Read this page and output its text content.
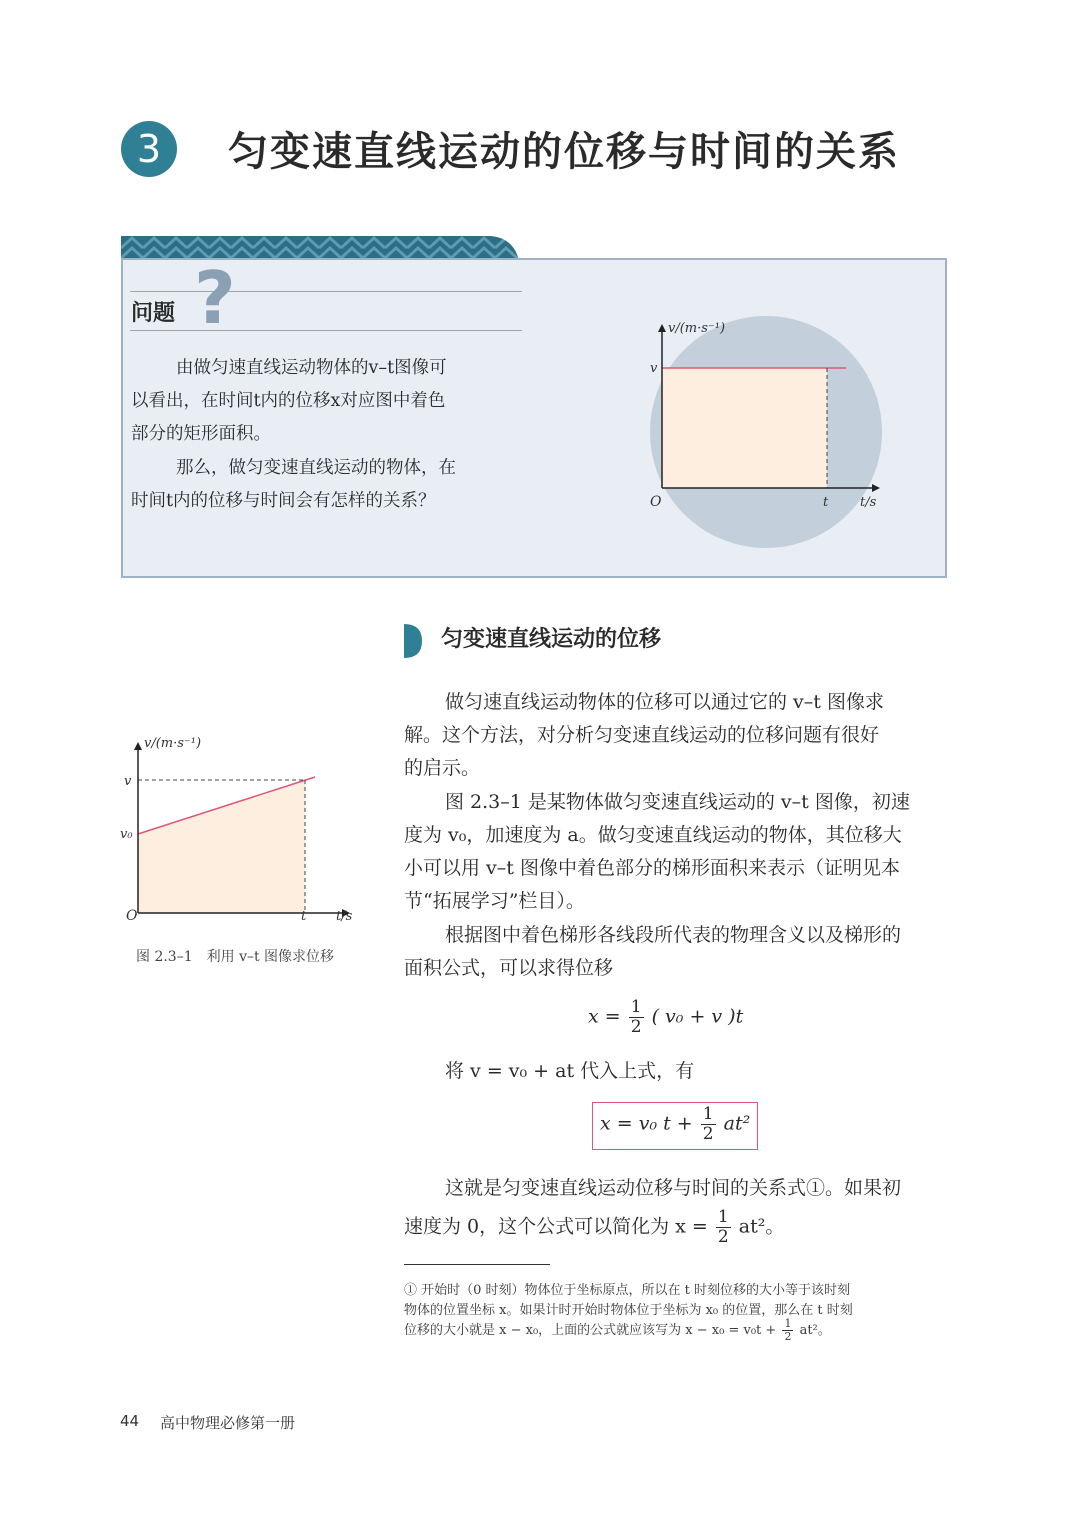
3	匀变速直线运动的位移与时间的关系
问题 ?
由做匀速直线运动物体的v–t图像可
以看出，在时间t内的位移x对应图中着色
部分的矩形面积。
那么，做匀变速直线运动的物体，在
时间t内的位移与时间会有怎样的关系？
v/(m·s⁻¹)
v
O	t t/s
匀变速直线运动的位移
做匀速直线运动物体的位移可以通过它的 v–t 图像求
解。这个方法，对分析匀变速直线运动的位移问题有很好
的启示。
图 2.3–1 是某物体做匀变速直线运动的 v–t 图像，初速
度为 v₀，加速度为 a。做匀变速直线运动的物体，其位移大
小可以用 v–t 图像中着色部分的梯形面积来表示（证明见本
节“拓展学习”栏目）。
根据图中着色梯形各线段所代表的物理含义以及梯形的
面积公式，可以求得位移
$x = \frac{1}{2}$ ( v₀ + v )t
将 v = v₀ + at 代入上式，有
x = v₀ $t + \frac{1}{2} at^2$
这就是匀变速直线运动位移与时间的关系式①。如果初
速度为 0，这个公式可以简化为 $x = \frac{1}{2} at^2$。
① 开始时（0 时刻）物体位于坐标原点，所以在 t 时刻位移的大小等于该时刻
物体的位置坐标 x。如果计时开始时物体位于坐标为 x₀ 的位置，那么在 t 时刻
位移的大小就是 x − x₀，上面的公式就应该写为 $x - x_0 = v_0t + \frac{1}{2} at^2$。
v/(m·s⁻¹)
v
v₀
O	t t/s
图 2.3–1　利用 v–t 图像求位移
44 高中物理必修第一册
